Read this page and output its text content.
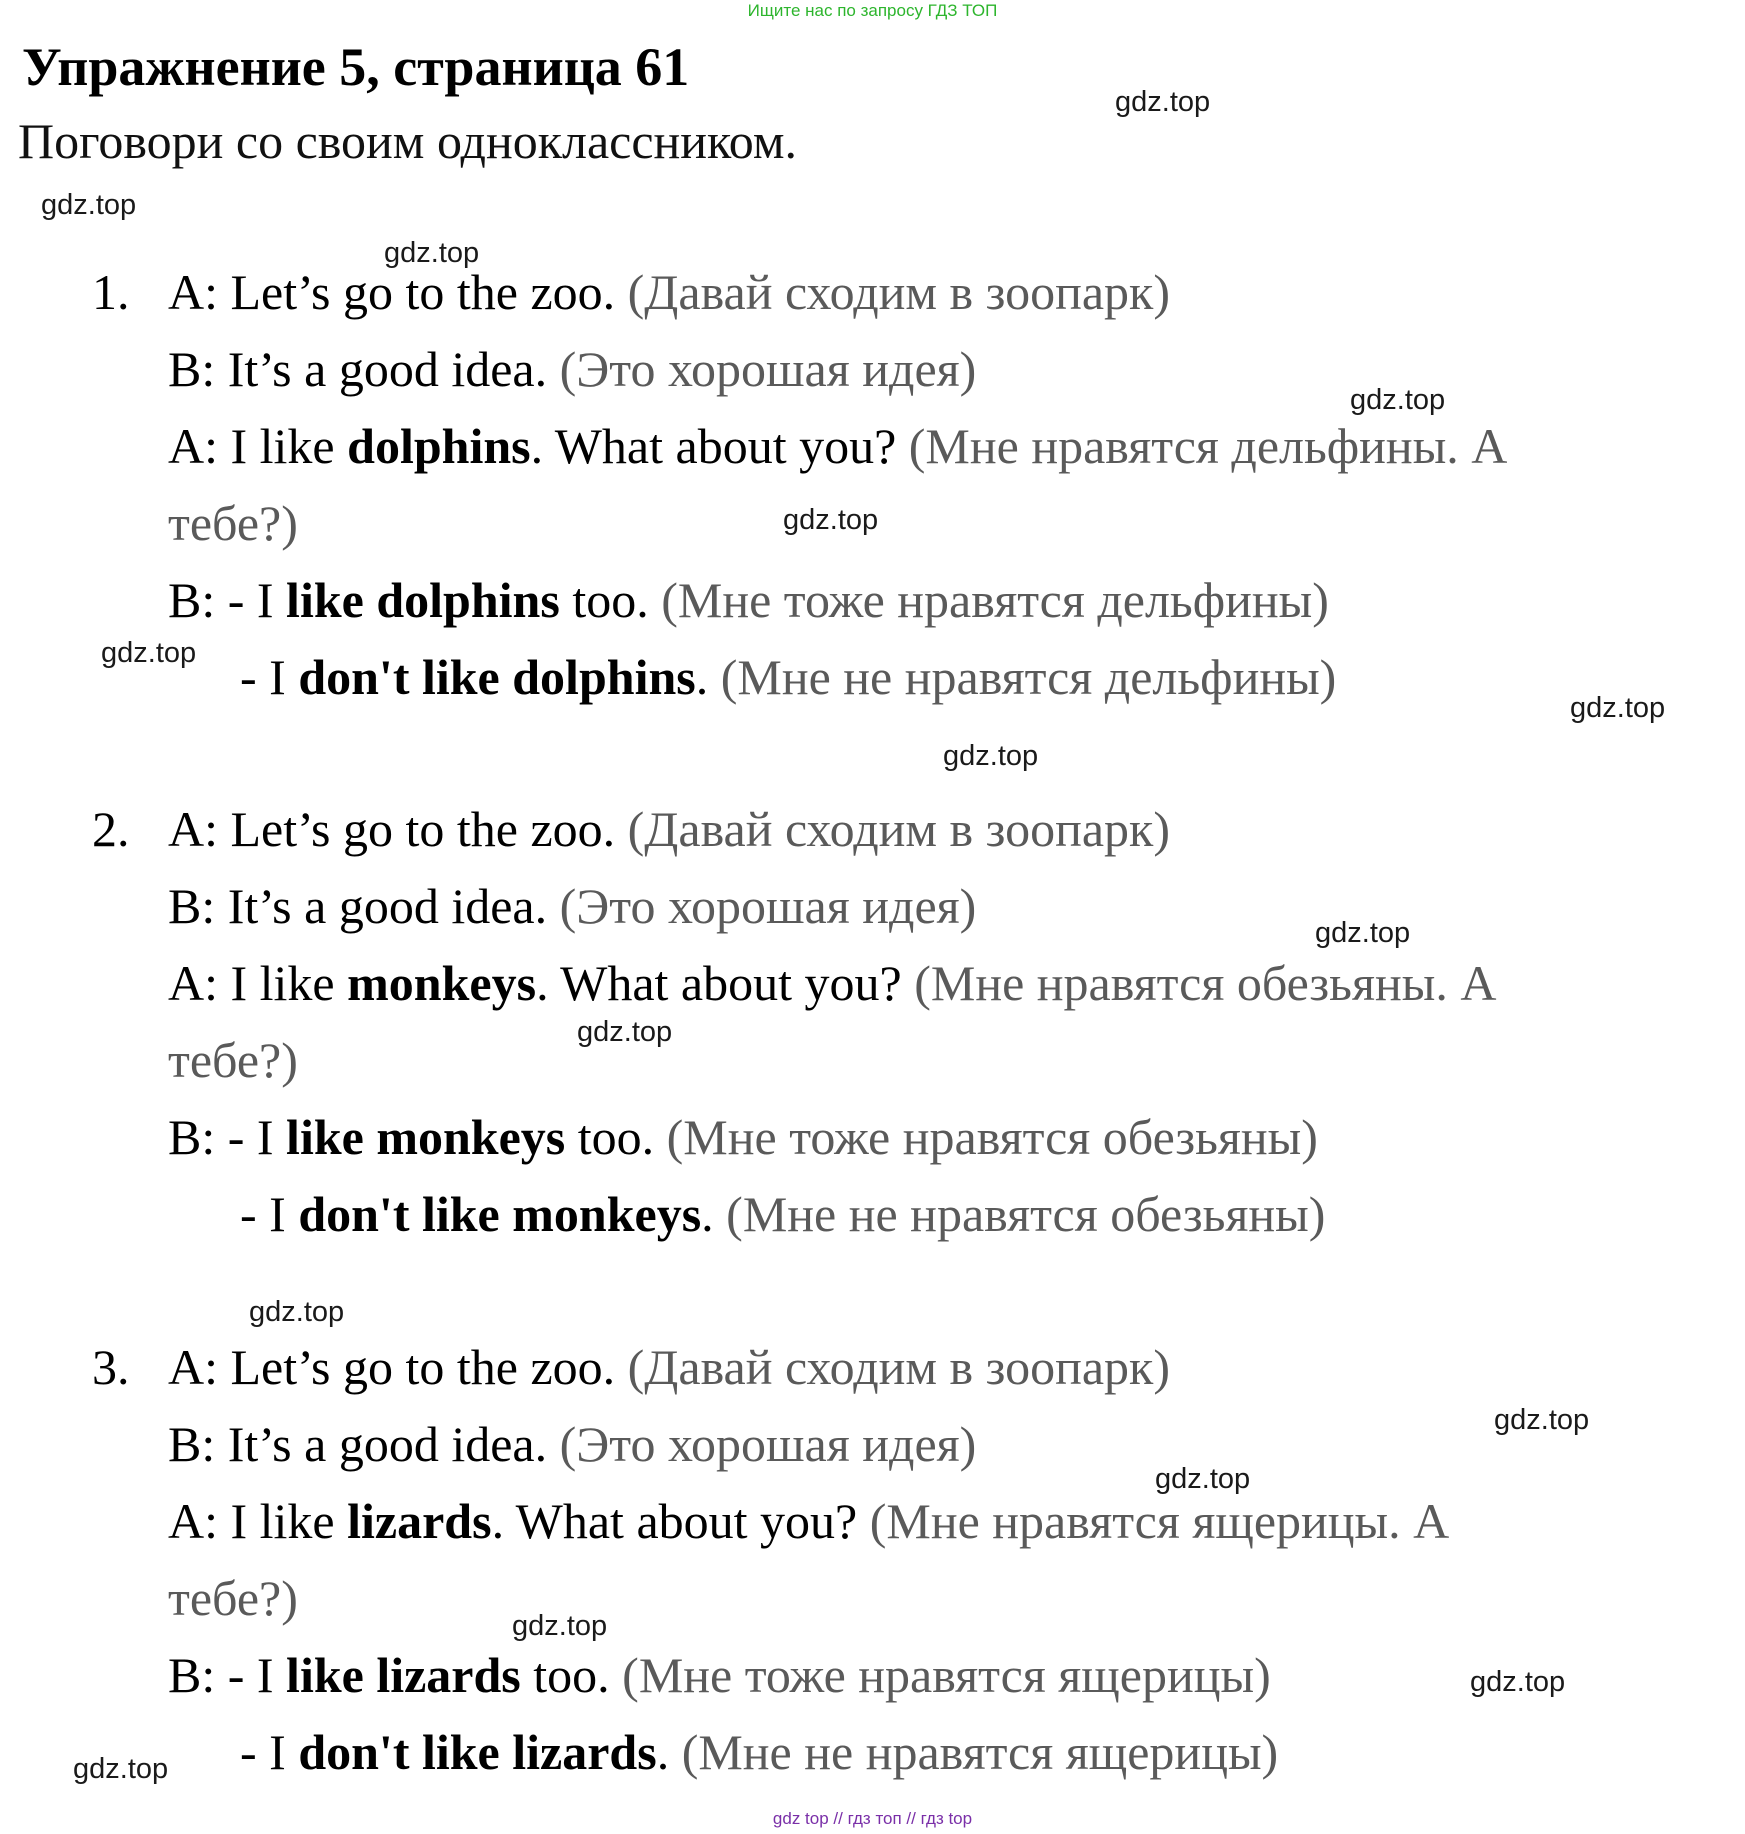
Ищите нас по запросу ГДЗ ТОП
Упражнение 5, страница 61
Поговори со своим одноклассником.
1. A: Let’s go to the zoo. (Давай сходим в зоопарк)
B: It’s a good idea. (Это хорошая идея)
A: I like dolphins. What about you? (Мне нравятся дельфины. А
тебе?)
B: - I like dolphins too. (Мне тоже нравятся дельфины)
- I don't like dolphins. (Мне не нравятся дельфины)
2. A: Let’s go to the zoo. (Давай сходим в зоопарк)
B: It’s a good idea. (Это хорошая идея)
A: I like monkeys. What about you? (Мне нравятся обезьяны. А
тебе?)
B: - I like monkeys too. (Мне тоже нравятся обезьяны)
- I don't like monkeys. (Мне не нравятся обезьяны)
3. A: Let’s go to the zoo. (Давай сходим в зоопарк)
B: It’s a good idea. (Это хорошая идея)
A: I like lizards. What about you? (Мне нравятся ящерицы. А
тебе?)
B: - I like lizards too. (Мне тоже нравятся ящерицы)
- I don't like lizards. (Мне не нравятся ящерицы)
gdz.top
gdz.top
gdz.top
gdz.top
gdz.top
gdz.top
gdz.top
gdz.top
gdz.top
gdz.top
gdz.top
gdz.top
gdz.top
gdz.top
gdz.top
gdz.top
gdz top // гдз топ // гдз top
